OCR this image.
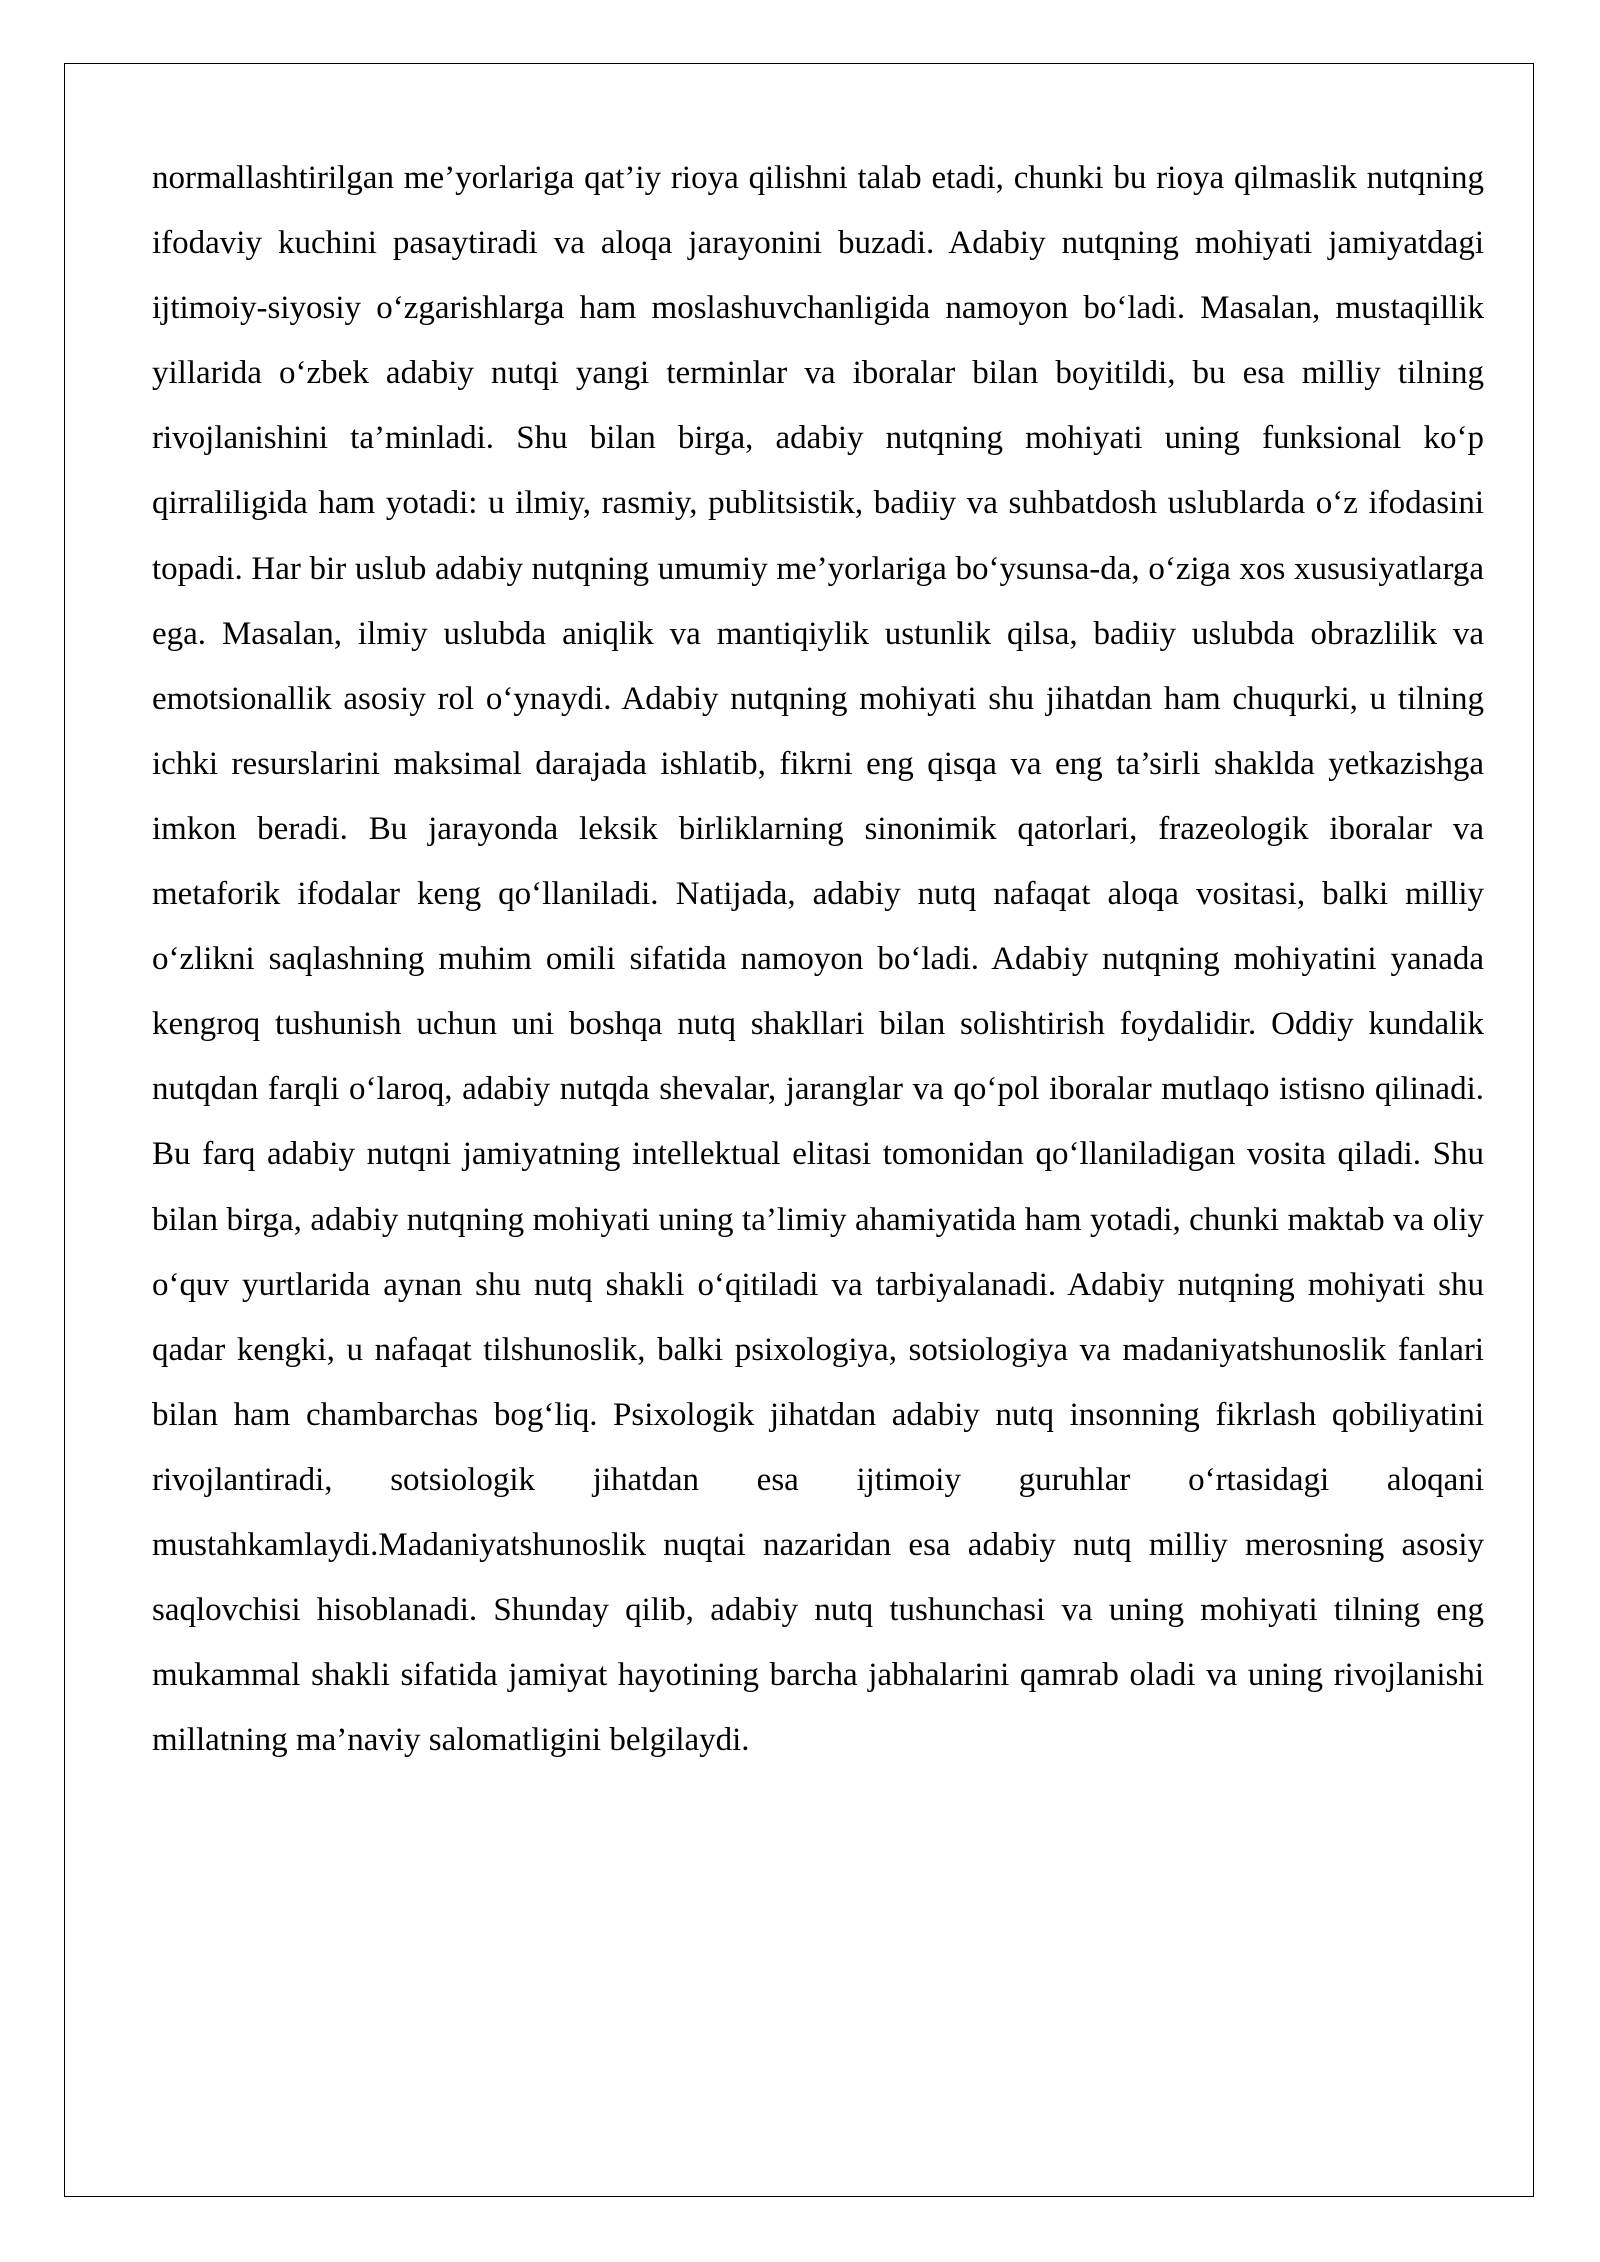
normallashtirilgan me’yorlariga qat’iy rioya qilishni talab etadi, chunki bu rioya qilmaslik nutqning ifodaviy kuchini pasaytiradi va aloqa jarayonini buzadi. Adabiy nutqning mohiyati jamiyatdagi ijtimoiy-siyosiy o‘zgarishlarga ham moslashuvchanligida namoyon bo‘ladi. Masalan, mustaqillik yillarida o‘zbek adabiy nutqi yangi terminlar va iboralar bilan boyitildi, bu esa milliy tilning rivojlanishini ta’minladi. Shu bilan birga, adabiy nutqning mohiyati uning funksional ko‘p qirraliligida ham yotadi: u ilmiy, rasmiy, publitsistik, badiiy va suhbatdosh uslublarda o‘z ifodasini topadi. Har bir uslub adabiy nutqning umumiy me’yorlariga bo‘ysunsa-da, o‘ziga xos xususiyatlarga ega. Masalan, ilmiy uslubda aniqlik va mantiqiylik ustunlik qilsa, badiiy uslubda obrazlilik va emotsionallik asosiy rol o‘ynaydi. Adabiy nutqning mohiyati shu jihatdan ham chuqurki, u tilning ichki resurslarini maksimal darajada ishlatib, fikrni eng qisqa va eng ta’sirli shaklda yetkazishga imkon beradi. Bu jarayonda leksik birliklarning sinonimik qatorlari, frazeologik iboralar va metaforik ifodalar keng qo‘llaniladi. Natijada, adabiy nutq nafaqat aloqa vositasi, balki milliy o‘zlikni saqlashning muhim omili sifatida namoyon bo‘ladi. Adabiy nutqning mohiyatini yanada kengroq tushunish uchun uni boshqa nutq shakllari bilan solishtirish foydalidir. Oddiy kundalik nutqdan farqli o‘laroq, adabiy nutqda shevalar, jaranglar va qo‘pol iboralar mutlaqo istisno qilinadi. Bu farq adabiy nutqni jamiyatning intellektual elitasi tomonidan qo‘llaniladigan vosita qiladi. Shu bilan birga, adabiy nutqning mohiyati uning ta’limiy ahamiyatida ham yotadi, chunki maktab va oliy o‘quv yurtlarida aynan shu nutq shakli o‘qitiladi va tarbiyalanadi. Adabiy nutqning mohiyati shu qadar kengki, u nafaqat tilshunoslik, balki psixologiya, sotsiologiya va madaniyatshunoslik fanlari bilan ham chambarchas bog‘liq. Psixologik jihatdan adabiy nutq insonning fikrlash qobiliyatini rivojlantiradi, sotsiologik jihatdan esa ijtimoiy guruhlar o‘rtasidagi aloqani mustahkamlaydi.Madaniyatshunoslik nuqtai nazaridan esa adabiy nutq milliy merosning asosiy saqlovchisi hisoblanadi. Shunday qilib, adabiy nutq tushunchasi va uning mohiyati tilning eng mukammal shakli sifatida jamiyat hayotining barcha jabhalarini qamrab oladi va uning rivojlanishi millatning ma’naviy salomatligini belgilaydi.
